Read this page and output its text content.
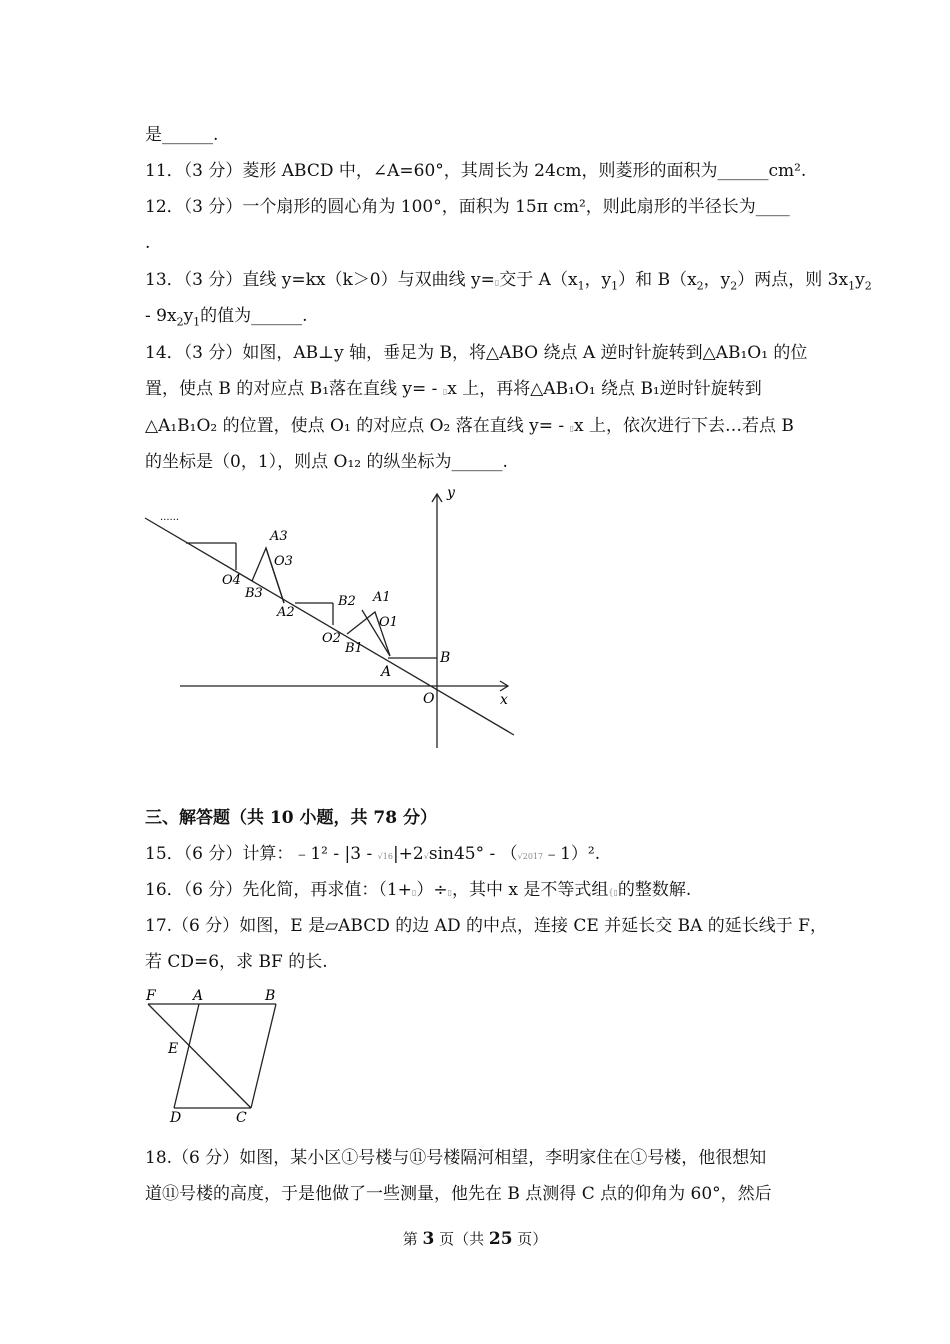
是______.
11．（3 分）菱形 ABCD 中，∠A=60°，其周长为 24cm，则菱形的面积为______cm².
12．（3 分）一个扇形的圆心角为 100°，面积为 15π cm²，则此扇形的半径长为____
.
13．（3 分）直线 y=kx（k＞0）与双曲线 y=▯交于 $A(x_1$，$y_1$）和 $B(x_2$，$y_2$）两点，则 $3x_1y_2$
- $9x_2y_1$的值为______.
14．（3 分）如图，AB⊥y 轴，垂足为 B，将△ABO 绕点 A 逆时针旋转到△AB₁O₁ 的位
置，使点 B 的对应点 B₁落在直线 y= - ▯x 上，再将△AB₁O₁ 绕点 B₁逆时针旋转到
△A₁B₁O₂ 的位置，使点 O₁ 的对应点 O₂ 落在直线 y= - ▯x 上，依次进行下去…若点 B
的坐标是（0，1），则点 O₁₂ 的纵坐标为______.
y
x
O
B
A
A1
O1
B1
O2
B2
A2
A3
O3
B3
O4
......
三、解答题（共 10 小题，共 78 分）
15．（6 分）计算：﹣1² - |3 - √16|+2√sin45° - （√2017﹣1）².
16．（6 分）先化简，再求值：（1+▯）÷▯，其中 x 是不等式组{▯的整数解.
17.（6 分）如图，E 是▱ABCD 的边 AD 的中点，连接 CE 并延长交 BA 的延长线于 F，
若 CD=6，求 BF 的长.
F	A	B
E
D	C
18.（6 分）如图，某小区①号楼与⑪号楼隔河相望，李明家住在①号楼，他很想知
道⑪号楼的高度，于是他做了一些测量，他先在 B 点测得 C 点的仰角为 60°，然后
第 3 页（共 25 页）
